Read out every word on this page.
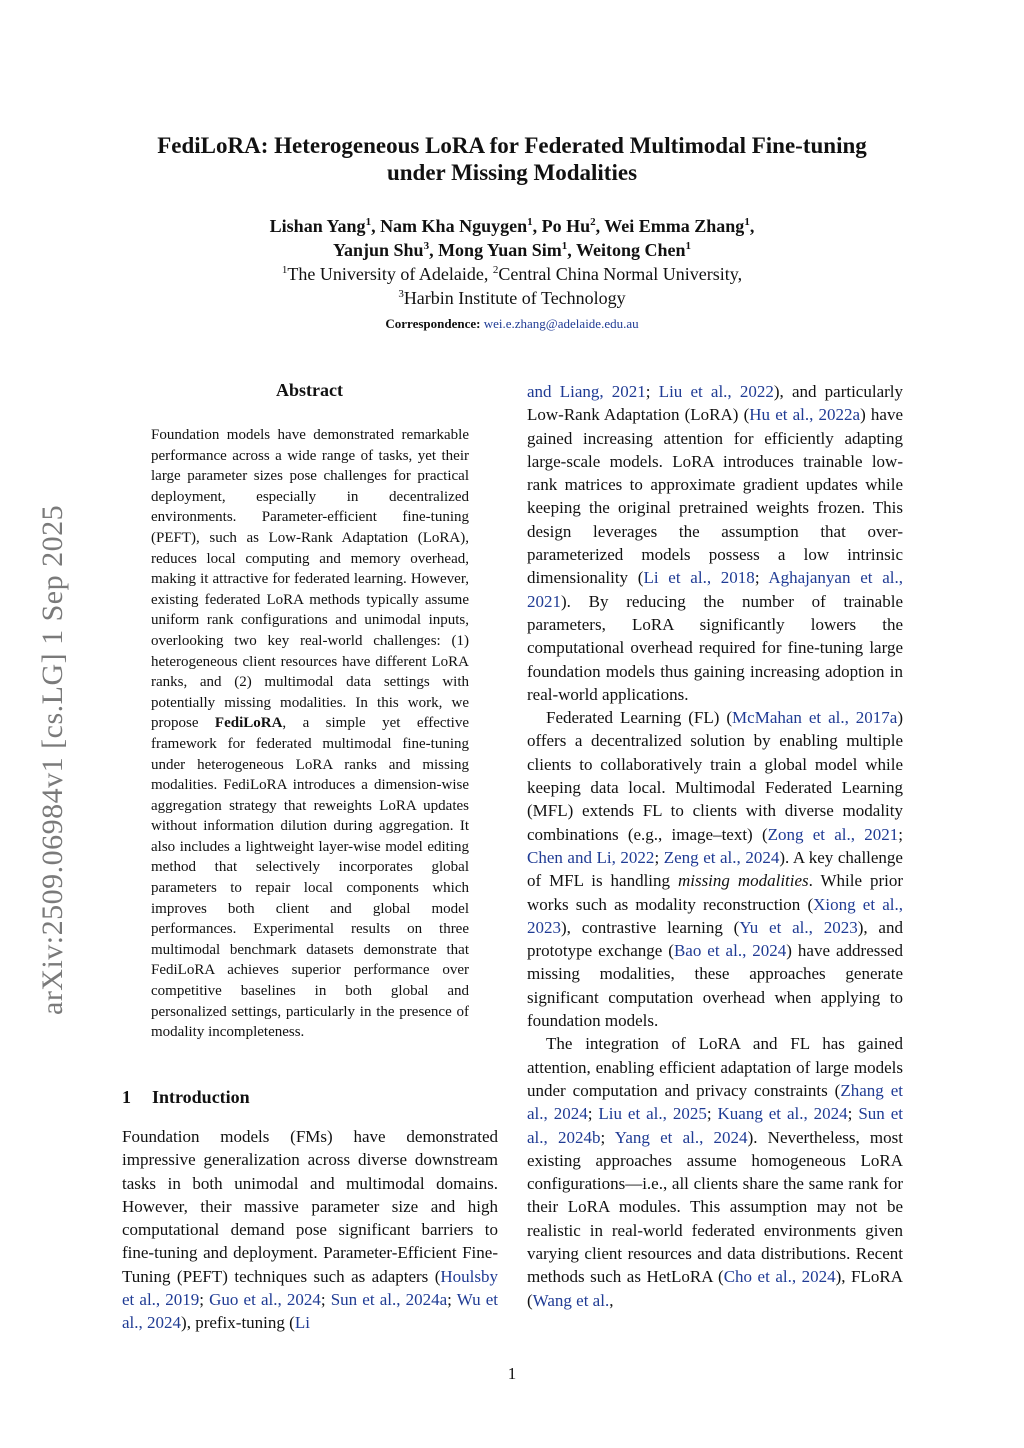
arXiv:2509.06984v1 [cs.LG] 1 Sep 2025
FediLoRA: Heterogeneous LoRA for Federated Multimodal Fine-tuning
under Missing Modalities
Lishan Yang$^1$, Nam Kha Nguygen$^1$, Po Hu$^2$, Wei Emma Zhang$^1$,
Yanjun Shu$^3$, Mong Yuan Sim$^1$, Weitong Chen$^1$
$^1$The University of Adelaide, $^2$Central China Normal University,
$^3$Harbin Institute of Technology
Correspondence: wei.e.zhang@adelaide.edu.au
Abstract
Foundation models have demonstrated remarkable performance across a wide range of tasks, yet their large parameter sizes pose challenges for practical deployment, especially in decentralized environments. Parameter-efficient fine-tuning (PEFT), such as Low-Rank Adaptation (LoRA), reduces local computing and memory overhead, making it attractive for federated learning. However, existing federated LoRA methods typically assume uniform rank configurations and unimodal inputs, overlooking two key real-world challenges: (1) heterogeneous client resources have different LoRA ranks, and (2) multimodal data settings with potentially missing modalities. In this work, we propose FediLoRA, a simple yet effective framework for federated multimodal fine-tuning under heterogeneous LoRA ranks and missing modalities. FediLoRA introduces a dimension-wise aggregation strategy that reweights LoRA updates without information dilution during aggregation. It also includes a lightweight layer-wise model editing method that selectively incorporates global parameters to repair local components which improves both client and global model performances. Experimental results on three multimodal benchmark datasets demonstrate that FediLoRA achieves superior performance over competitive baselines in both global and personalized settings, particularly in the presence of modality incompleteness.
1 Introduction

Foundation models (FMs) have demonstrated impressive generalization across diverse downstream tasks in both unimodal and multimodal domains. However, their massive parameter size and high computational demand pose significant barriers to fine-tuning and deployment. Parameter-Efficient Fine-Tuning (PEFT) techniques such as adapters (Houlsby et al., 2019; Guo et al., 2024; Sun et al., 2024a; Wu et al., 2024), prefix-tuning (Li

and Liang, 2021; Liu et al., 2022), and particularly Low-Rank Adaptation (LoRA) (Hu et al., 2022a) have gained increasing attention for efficiently adapting large-scale models. LoRA introduces trainable low-rank matrices to approximate gradient updates while keeping the original pretrained weights frozen. This design leverages the assumption that over-parameterized models possess a low intrinsic dimensionality (Li et al., 2018; Aghajanyan et al., 2021). By reducing the number of trainable parameters, LoRA significantly lowers the computational overhead required for fine-tuning large foundation models thus gaining increasing adoption in real-world applications.

Federated Learning (FL) (McMahan et al., 2017a) offers a decentralized solution by enabling multiple clients to collaboratively train a global model while keeping data local. Multimodal Federated Learning (MFL) extends FL to clients with diverse modality combinations (e.g., image–text) (Zong et al., 2021; Chen and Li, 2022; Zeng et al., 2024). A key challenge of MFL is handling missing modalities. While prior works such as modality reconstruction (Xiong et al., 2023), contrastive learning (Yu et al., 2023), and prototype exchange (Bao et al., 2024) have addressed missing modalities, these approaches generate significant computation overhead when applying to foundation models.

The integration of LoRA and FL has gained attention, enabling efficient adaptation of large models under computation and privacy constraints (Zhang et al., 2024; Liu et al., 2025; Kuang et al., 2024; Sun et al., 2024b; Yang et al., 2024). Nevertheless, most existing approaches assume homogeneous LoRA configurations—i.e., all clients share the same rank for their LoRA modules. This assumption may not be realistic in real-world federated environments given varying client resources and data distributions. Recent methods such as HetLoRA (Cho et al., 2024), FLoRA (Wang et al.,

1
